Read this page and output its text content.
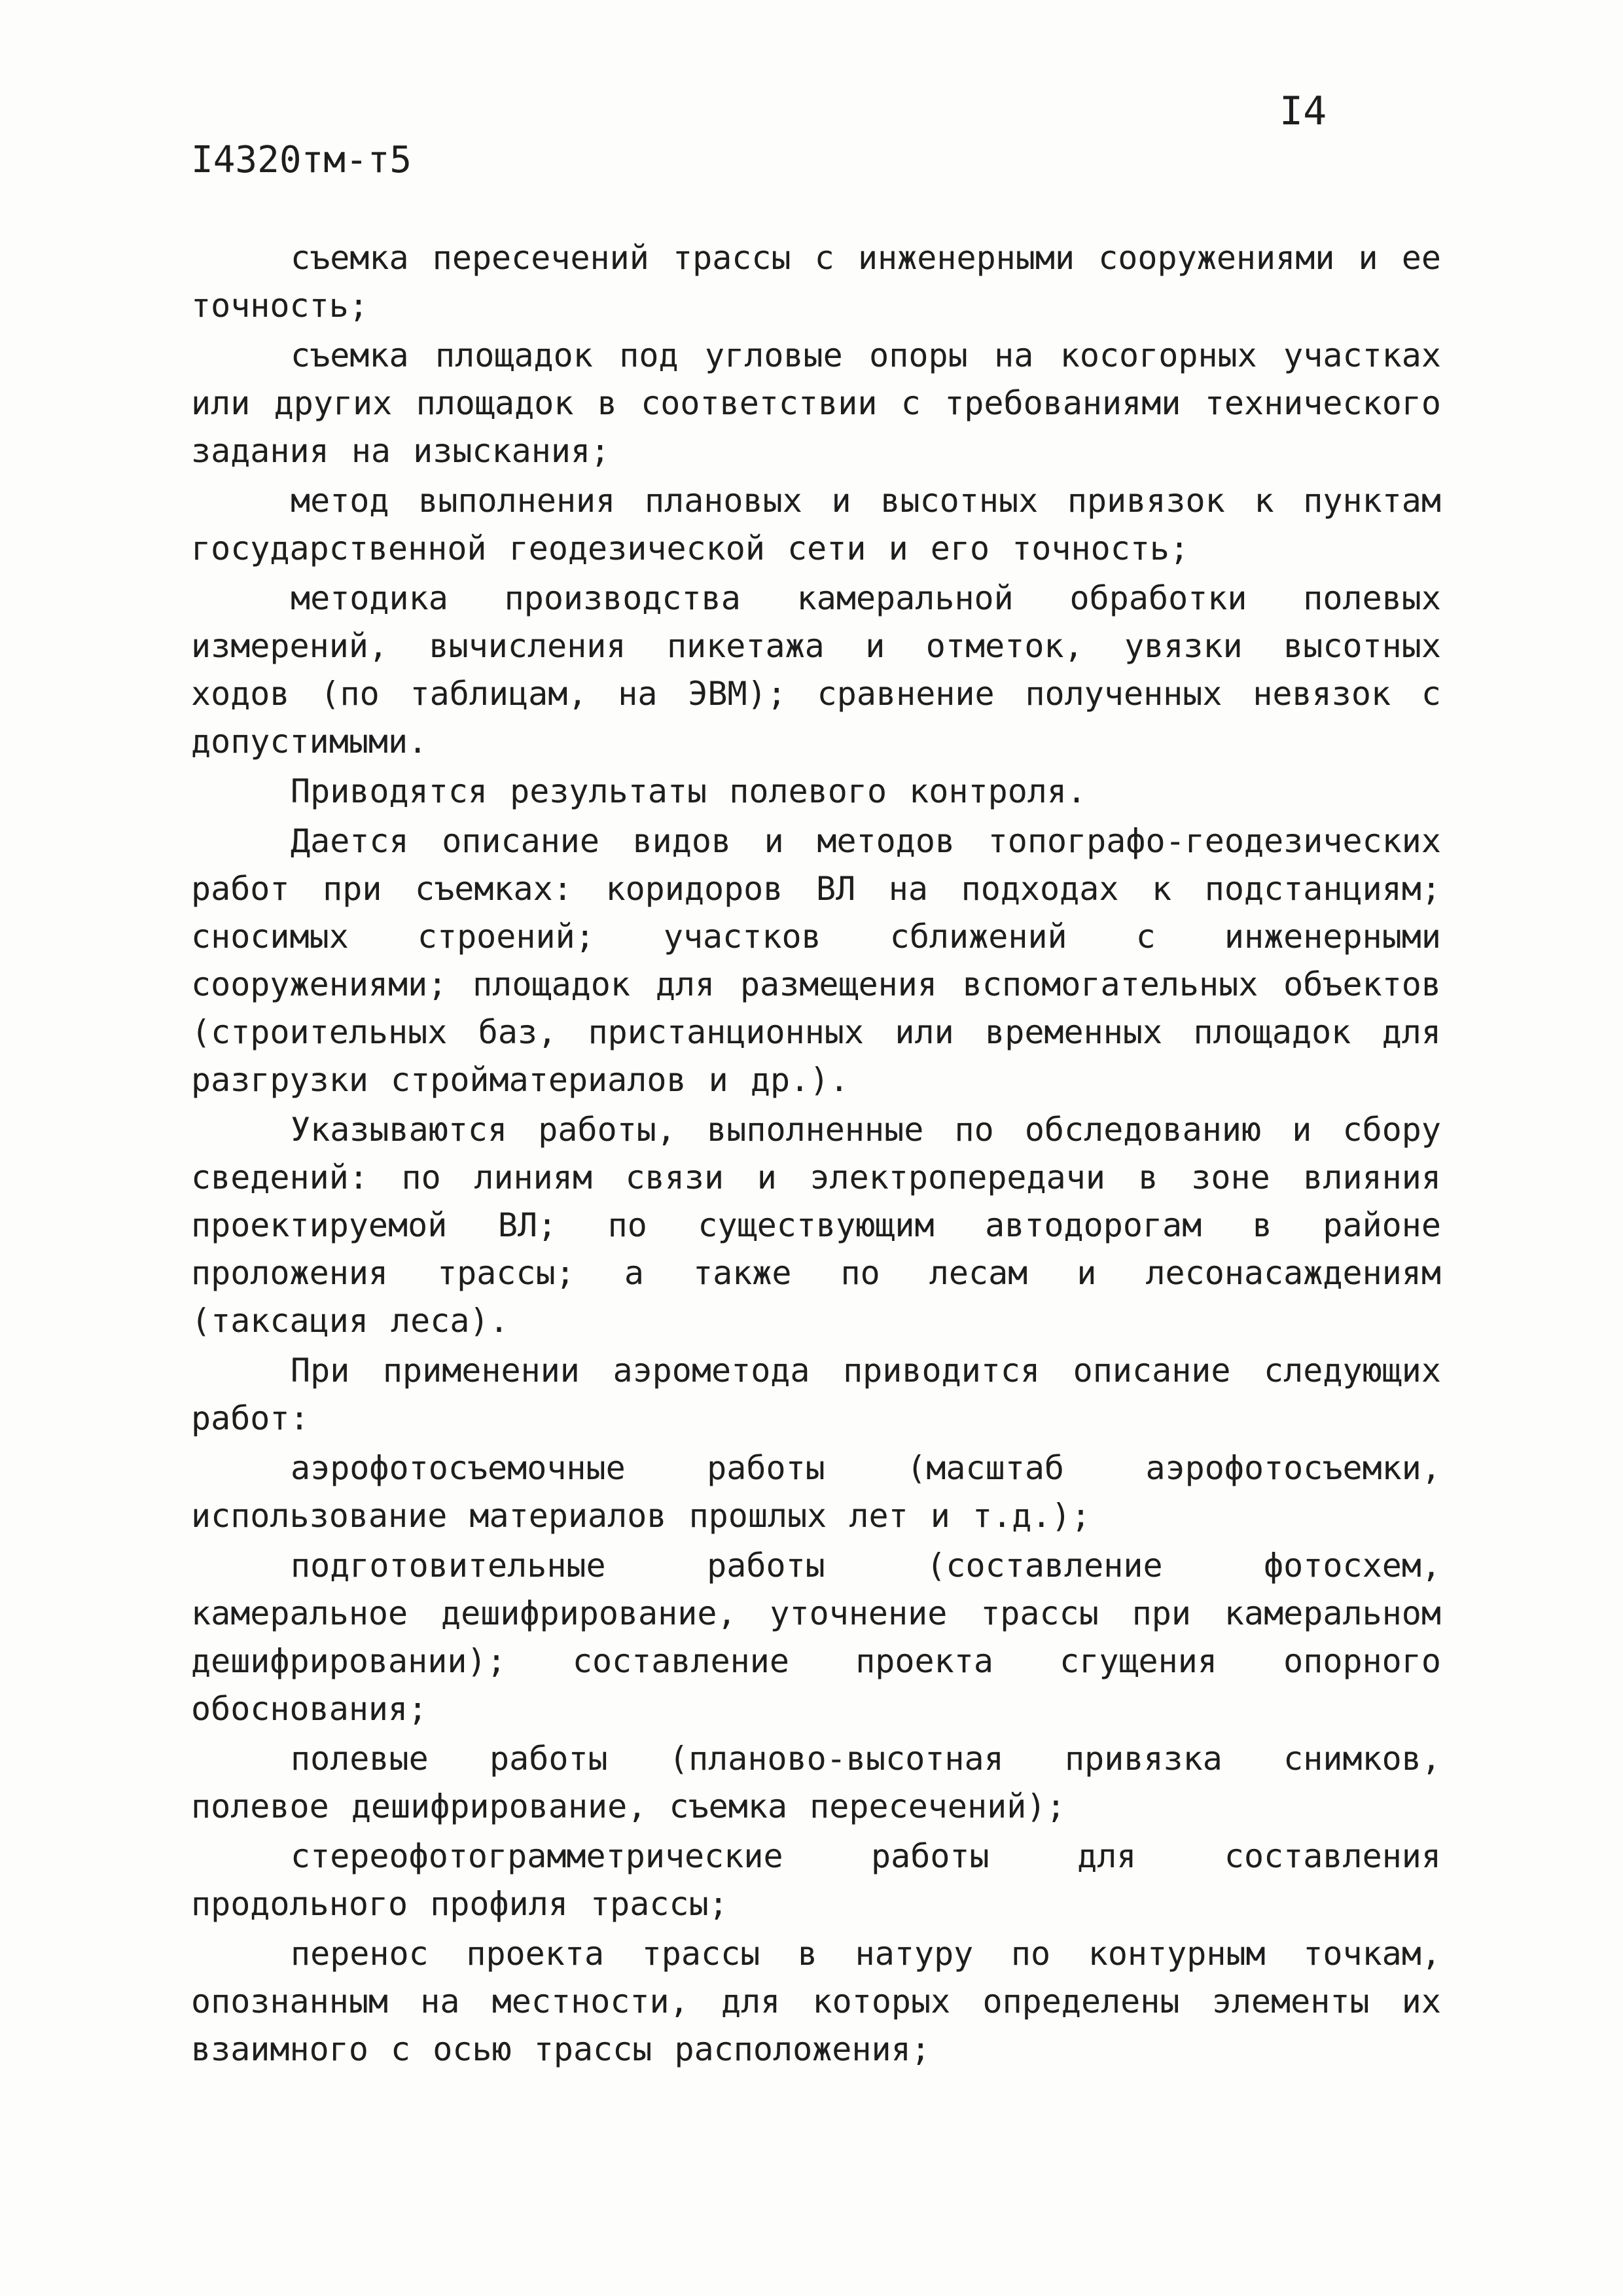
I4

I4320тм-т5

съемка пересечений трассы с инженерными сооружениями и ее точность;

съемка площадок под угловые опоры на косогорных участках или других площадок в соответствии с требованиями технического задания на изыскания;

метод выполнения плановых и высотных привязок к пунктам государственной геодезической сети и его точность;

методика производства камеральной обработки полевых измерений, вычисления пикетажа и отметок, увязки высотных ходов (по таблицам, на ЭВМ); сравнение полученных невязок с допустимыми.

Приводятся результаты полевого контроля.

Дается описание видов и методов топографо-геодезических работ при съемках: коридоров ВЛ на подходах к подстанциям; сносимых строений; участков сближений с инженерными сооружениями; площадок для размещения вспомогательных объектов (строительных баз, пристанционных или временных площадок для разгрузки стройматериалов и др.).

Указываются работы, выполненные по обследованию и сбору сведений: по линиям связи и электропередачи в зоне влияния проектируемой ВЛ; по существующим автодорогам в районе проложения трассы; а также по лесам и лесонасаждениям (таксация леса).

При применении аэрометода приводится описание следующих работ:

аэрофотосъемочные работы (масштаб аэрофотосъемки, использование материалов прошлых лет и т.д.);

подготовительные работы (составление фотосхем, камеральное дешифрирование, уточнение трассы при камеральном дешифрировании); составление проекта сгущения опорного обоснования;

полевые работы (планово-высотная привязка снимков, полевое дешифрирование, съемка пересечений);

стереофотограмметрические работы для составления продольного профиля трассы;

перенос проекта трассы в натуру по контурным точкам, опознанным на местности, для которых определены элементы их взаимного с осью трассы расположения;
